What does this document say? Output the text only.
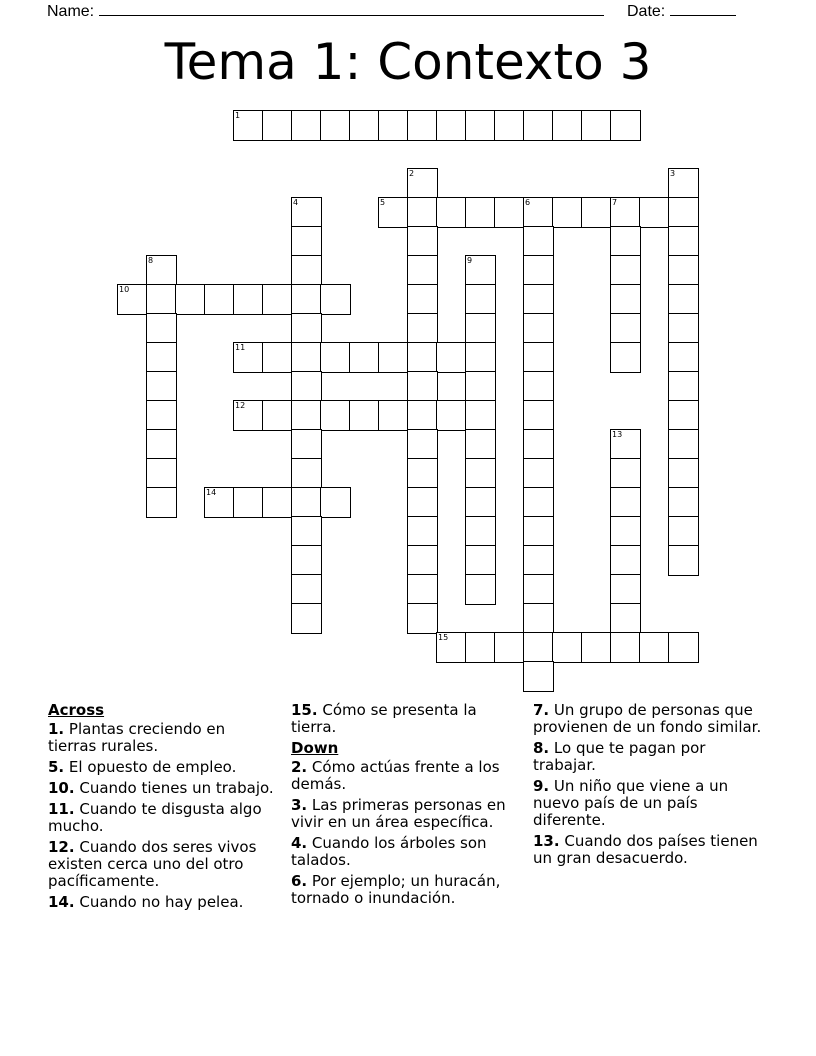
Name:	Date:
Tema 1: Contexto 3
1
2	3
4	5	6	7
8	9
10
11
12
13
14
15
Across
1. Plantas creciendo en tierras rurales.
5. El opuesto de empleo.
10. Cuando tienes un trabajo.
11. Cuando te disgusta algo mucho.
12. Cuando dos seres vivos existen cerca uno del otro pacíficamente.
14. Cuando no hay pelea.
15. Cómo se presenta la tierra.
Down
2. Cómo actúas frente a los demás.
3. Las primeras personas en vivir en un área específica.
4. Cuando los árboles son talados.
6. Por ejemplo; un huracán, tornado o inundación.
7. Un grupo de personas que provienen de un fondo similar.
8. Lo que te pagan por trabajar.
9. Un niño que viene a un nuevo país de un país diferente.
13. Cuando dos países tienen un gran desacuerdo.
